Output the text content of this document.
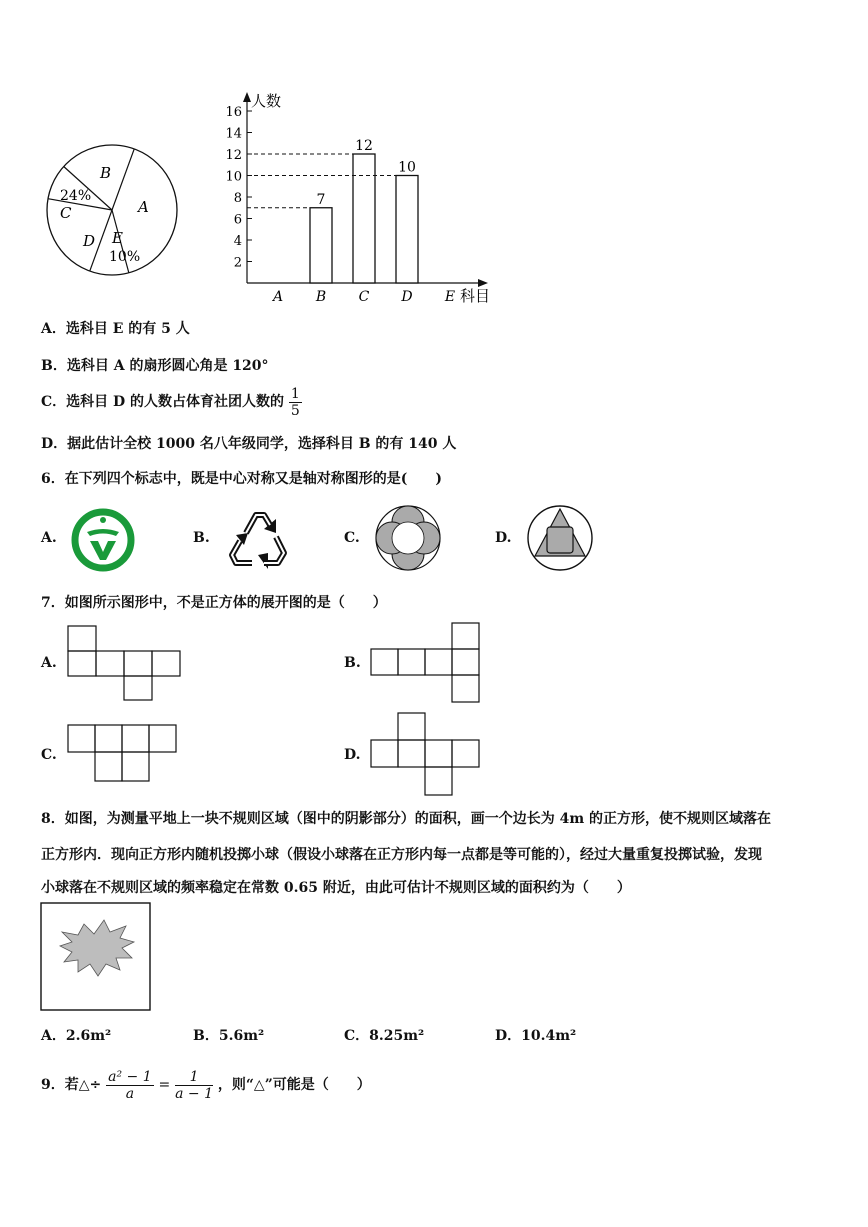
B
A
24%
C
D E
10%
人数
科目
2
4
6
8
10
12
14
16
A B C D E
7
12
10
A．选科目 E 的有 5 人
B．选科目 A 的扇形圆心角是 120°
C．选科目 D 的人数占体育社团人数的 $\frac{1}{5}$
D．据此估计全校 1000 名八年级同学，选择科目 B 的有 140 人
6．在下列四个标志中，既是中心对称又是轴对称图形的是(　　)
A.	B.	C.	D.
7．如图所示图形中，不是正方体的展开图的是（　　）
A.	B.
C.	D.
8．如图，为测量平地上一块不规则区域（图中的阴影部分）的面积，画一个边长为 4m 的正方形，使不规则区域落在
正方形内．现向正方形内随机投掷小球（假设小球落在正方形内每一点都是等可能的），经过大量重复投掷试验，发现
小球落在不规则区域的频率稳定在常数 0.65 附近，由此可估计不规则区域的面积约为（　　）
A．2.6m²	B．5.6m²	C．8.25m²	D．10.4m²
9．若△÷ $\frac{\text{a² − 1}}{a} = \frac{1}{a - 1}$ ，则“△”可能是（　　）
